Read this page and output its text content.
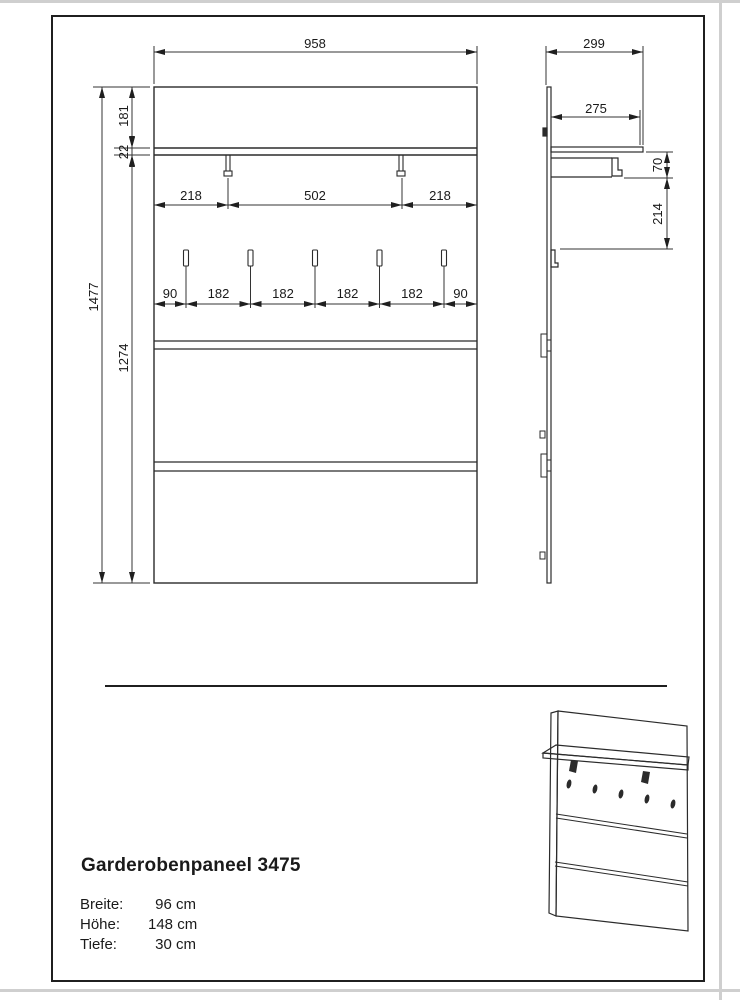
958
181
22
1477
1274
218	502	218
90 182	182	182	182 90
299
275
70
214
Garderobenpaneel 3475
Breite: 96 cm
Höhe: 148 cm
Tiefe:	30 cm
